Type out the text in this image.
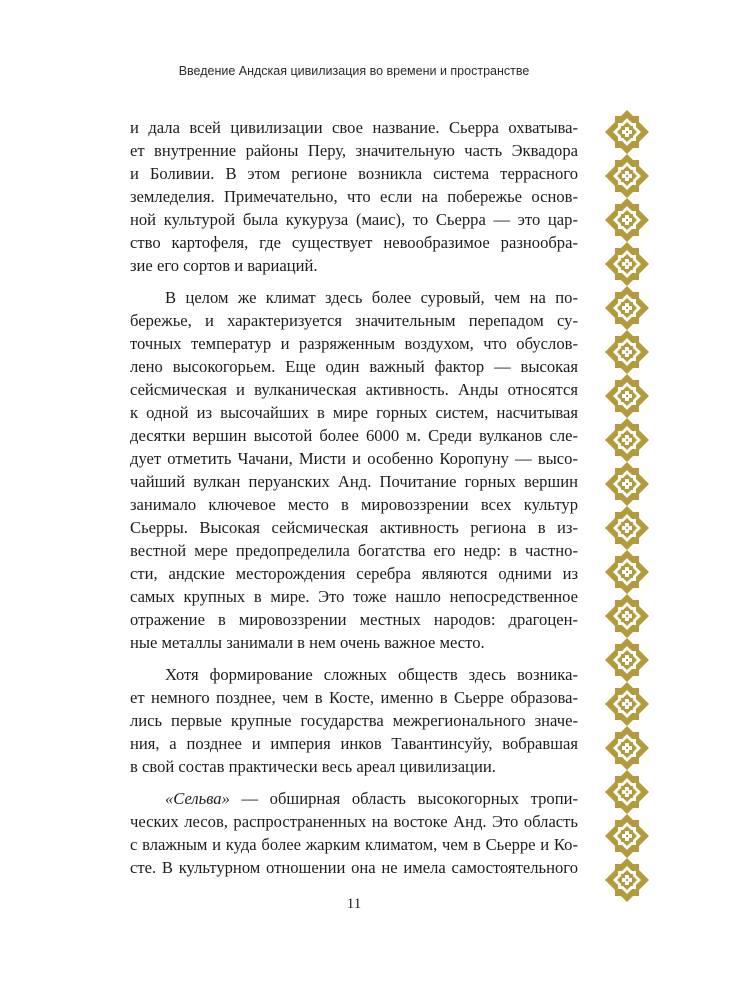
Введение Андская цивилизация во времени и пространстве
и дала всей цивилизации свое название. Сьерра охватыва-
ет внутренние районы Перу, значительную часть Эквадора
и Боливии. В этом регионе возникла система террасного
земледелия. Примечательно, что если на побережье основ-
ной культурой была кукуруза (маис), то Сьерра — это цар-
ство картофеля, где существует невообразимое разнообра-
зие его сортов и вариаций.
В целом же климат здесь более суровый, чем на по-
бережье, и характеризуется значительным перепадом су-
точных температур и разряженным воздухом, что обуслов-
лено высокогорьем. Еще один важный фактор — высокая
сейсмическая и вулканическая активность. Анды относятся
к одной из высочайших в мире горных систем, насчитывая
десятки вершин высотой более 6000 м. Среди вулканов сле-
дует отметить Чачани, Мисти и особенно Коропуну — высо-
чайший вулкан перуанских Анд. Почитание горных вершин
занимало ключевое место в мировоззрении всех культур
Сьерры. Высокая сейсмическая активность региона в из-
вестной мере предопределила богатства его недр: в частно-
сти, андские месторождения серебра являются одними из
самых крупных в мире. Это тоже нашло непосредственное
отражение в мировоззрении местных народов: драгоцен-
ные металлы занимали в нем очень важное место.
Хотя формирование сложных обществ здесь возника-
ет немного позднее, чем в Косте, именно в Сьерре образова-
лись первые крупные государства межрегионального значе-
ния, а позднее и империя инков Тавантинсуйу, вобравшая
в свой состав практически весь ареал цивилизации.
«Сельва» — обширная область высокогорных тропи-
ческих лесов, распространенных на востоке Анд. Это область
с влажным и куда более жарким климатом, чем в Сьерре и Ко-
сте. В культурном отношении она не имела самостоятельного
11
